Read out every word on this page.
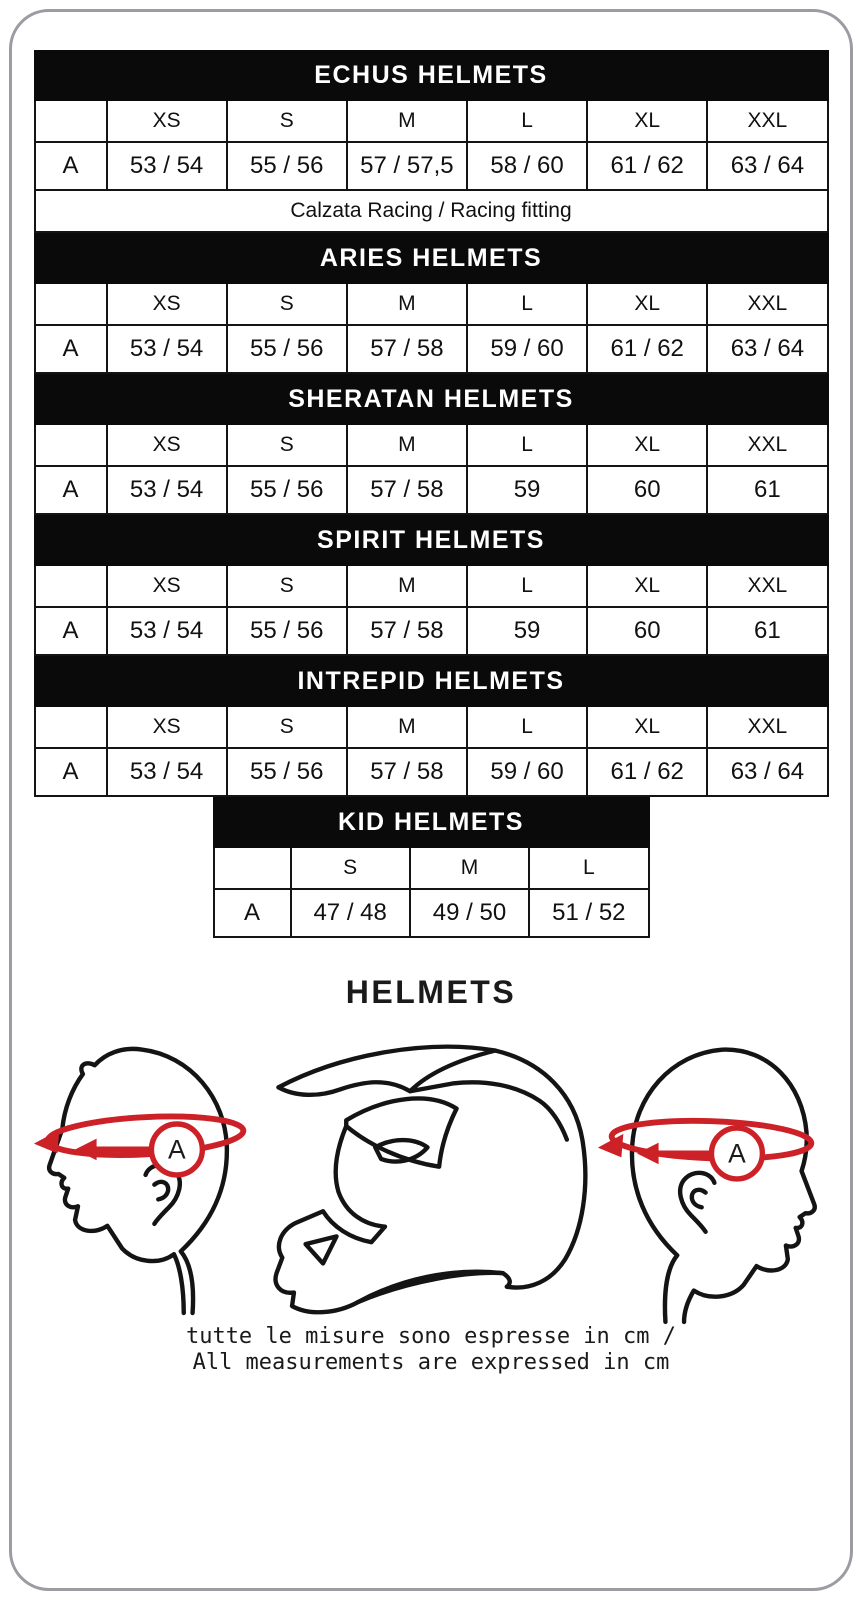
ECHUS HELMETS						
	XS	S	M	L	XL	XXL
A	53 / 54	55 / 56	57 / 57,5	58 / 60	61 / 62	63 / 64
Calzata Racing / Racing fitting						
ARIES HELMETS						
	XS	S	M	L	XL	XXL
A	53 / 54	55 / 56	57 / 58	59 / 60	61 / 62	63 / 64
SHERATAN HELMETS						
	XS	S	M	L	XL	XXL
A	53 / 54	55 / 56	57 / 58	59	60	61
SPIRIT HELMETS						
	XS	S	M	L	XL	XXL
A	53 / 54	55 / 56	57 / 58	59	60	61
INTREPID HELMETS						
	XS	S	M	L	XL	XXL
A	53 / 54	55 / 56	57 / 58	59 / 60	61 / 62	63 / 64
KID HELMETS			
	S	M	L
A	47 / 48	49 / 50	51 / 52
HELMETS
A	A
tutte le misure sono espresse in cm /
All measurements are expressed in cm
